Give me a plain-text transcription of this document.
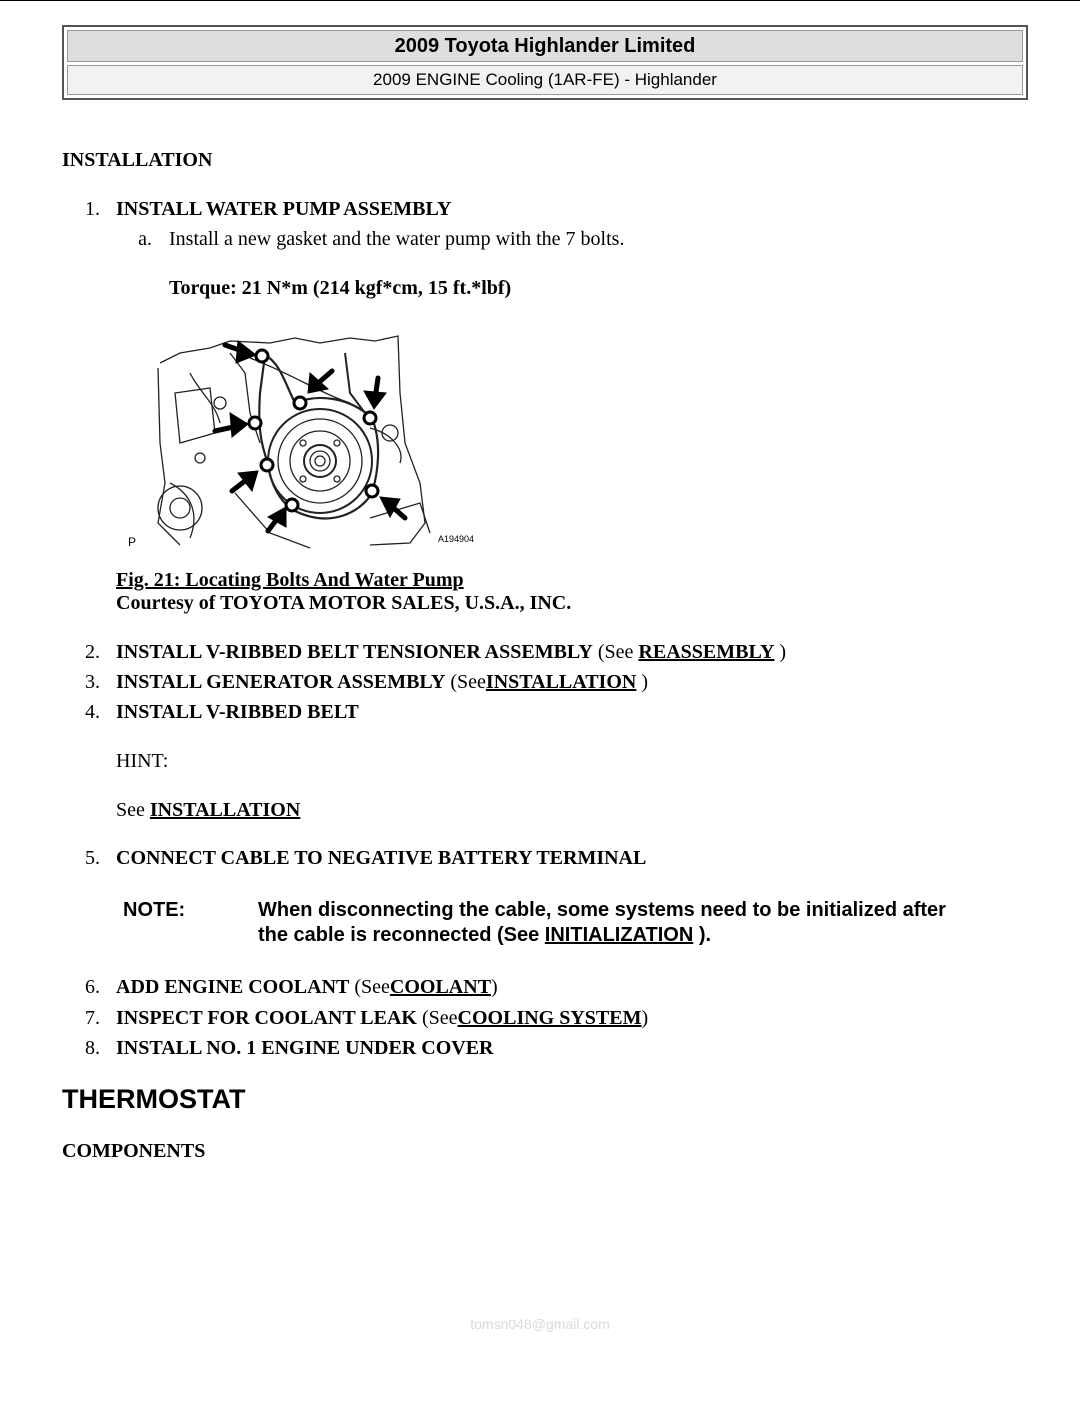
2009 Toyota Highlander Limited
2009 ENGINE Cooling (1AR-FE) - Highlander
INSTALLATION
1. INSTALL WATER PUMP ASSEMBLY
a. Install a new gasket and the water pump with the 7 bolts.
Torque: 21 N*m (214 kgf*cm, 15 ft.*lbf)
P	A194904
Fig. 21: Locating Bolts And Water Pump
Courtesy of TOYOTA MOTOR SALES, U.S.A., INC.
2. INSTALL V-RIBBED BELT TENSIONER ASSEMBLY (See REASSEMBLY )
3. INSTALL GENERATOR ASSEMBLY (SeeINSTALLATION )
4. INSTALL V-RIBBED BELT
HINT:
See INSTALLATION
5. CONNECT CABLE TO NEGATIVE BATTERY TERMINAL
NOTE:	When disconnecting the cable, some systems need to be initialized after
the cable is reconnected (See INITIALIZATION ).
6. ADD ENGINE COOLANT (SeeCOOLANT)
7. INSPECT FOR COOLANT LEAK (SeeCOOLING SYSTEM)
8. INSTALL NO. 1 ENGINE UNDER COVER
THERMOSTAT
COMPONENTS
tomsn048@gmail.com
